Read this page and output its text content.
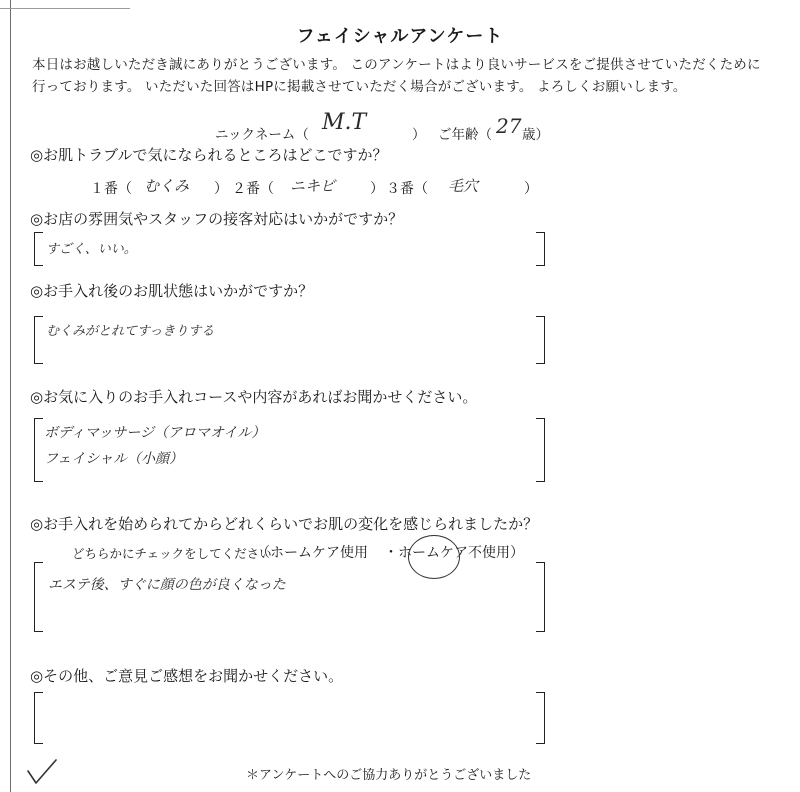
フェイシャルアンケート
本日はお越しいただき誠にありがとうございます。 このアンケートはより良いサービスをご提供させていただくために行っております。 いただいた回答はHPに掲載させていただく場合がございます。 よろしくお願いします。
ニックネーム（ M.T	） ご年齢（ 27 歳）
◎お肌トラブルで気になられるところはどこですか？
１番（ むくみ ） ２番（ ニキビ ） ３番（ 毛穴	）
◎お店の雰囲気やスタッフの接客対応はいかがですか？
すごく、いい。
◎お手入れ後のお肌状態はいかがですか？
むくみがとれてすっきりする
◎お気に入りのお手入れコースや内容があればお聞かせください。
ボディマッサージ（アロマオイル）
フェイシャル（小顔）
◎お手入れを始められてからどれくらいでお肌の変化を感じられましたか？
どちらかにチェックをしてください
（ホームケア使用 ・ホームケア不使用）
エステ後、すぐに顔の色が良くなった
◎その他、ご意見ご感想をお聞かせください。
＊アンケートへのご協力ありがとうございました
